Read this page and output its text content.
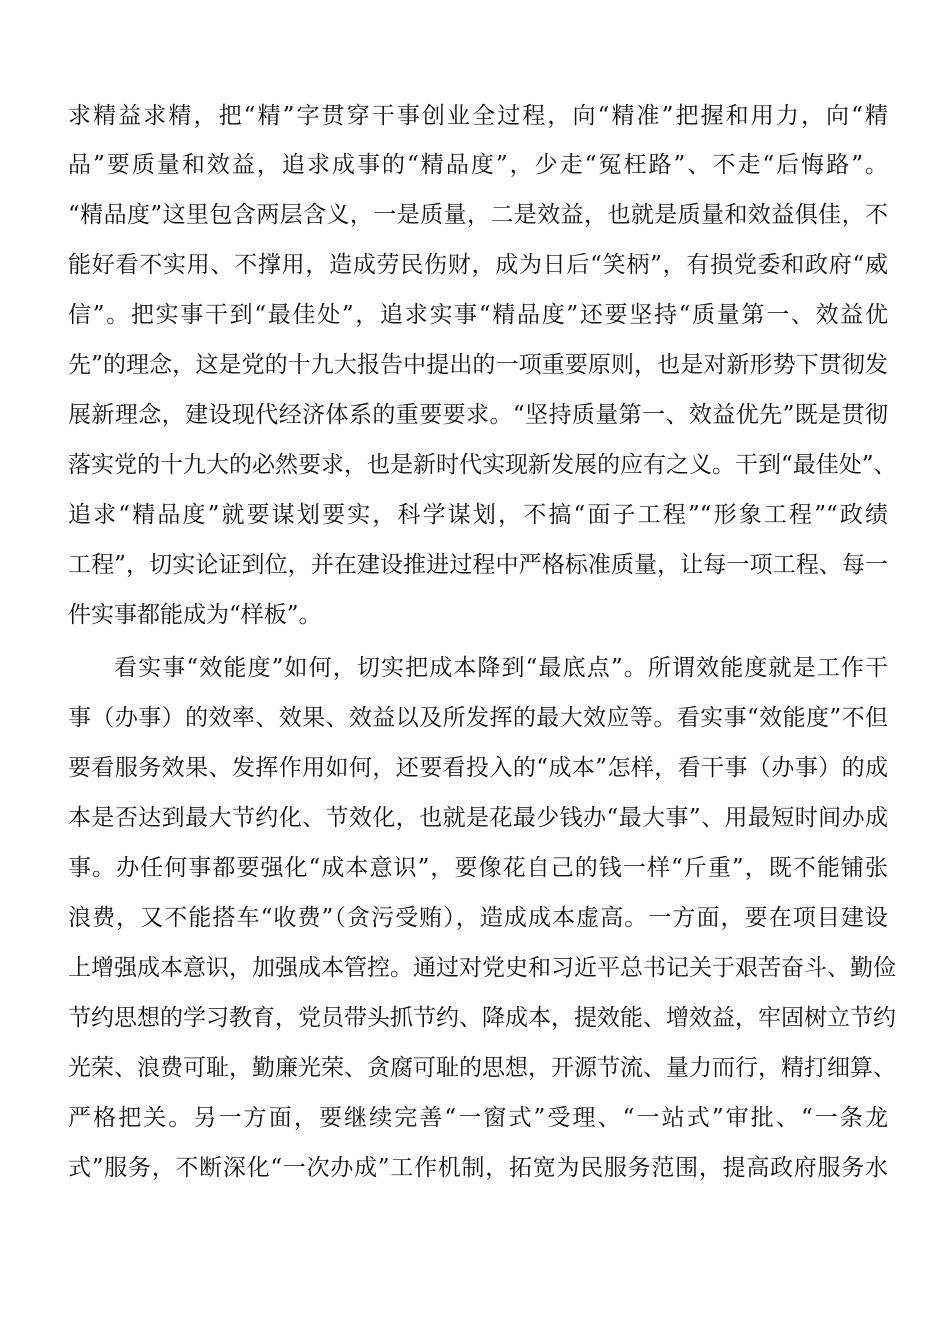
求精益求精，把“精”字贯穿干事创业全过程，向“精准”把握和用力，向“精
品”要质量和效益，追求成事的“精品度”，少走“冤枉路”、不走“后悔路”。
“精品度”这里包含两层含义，一是质量，二是效益，也就是质量和效益俱佳，不
能好看不实用、不撑用，造成劳民伤财，成为日后“笑柄”，有损党委和政府“威
信”。把实事干到“最佳处”，追求实事“精品度”还要坚持“质量第一、效益优
先”的理念，这是党的十九大报告中提出的一项重要原则，也是对新形势下贯彻发
展新理念，建设现代经济体系的重要要求。“坚持质量第一、效益优先”既是贯彻
落实党的十九大的必然要求，也是新时代实现新发展的应有之义。干到“最佳处”、
追求“精品度”就要谋划要实，科学谋划，不搞“面子工程”“形象工程”“政绩
工程”，切实论证到位，并在建设推进过程中严格标准质量，让每一项工程、每一
件实事都能成为“样板”。
看实事“效能度”如何，切实把成本降到“最底点”。所谓效能度就是工作干
事（办事）的效率、效果、效益以及所发挥的最大效应等。看实事“效能度”不但
要看服务效果、发挥作用如何，还要看投入的“成本”怎样，看干事（办事）的成
本是否达到最大节约化、节效化，也就是花最少钱办“最大事”、用最短时间办成
事。办任何事都要强化“成本意识”，要像花自己的钱一样“斤重”，既不能铺张
浪费，又不能搭车“收费”（贪污受贿），造成成本虚高。一方面，要在项目建设
上增强成本意识，加强成本管控。通过对党史和习近平总书记关于艰苦奋斗、勤俭
节约思想的学习教育，党员带头抓节约、降成本，提效能、增效益，牢固树立节约
光荣、浪费可耻，勤廉光荣、贪腐可耻的思想，开源节流、量力而行，精打细算、
严格把关。另一方面，要继续完善“一窗式”受理、“一站式”审批、“一条龙
式”服务，不断深化“一次办成”工作机制，拓宽为民服务范围，提高政府服务水
